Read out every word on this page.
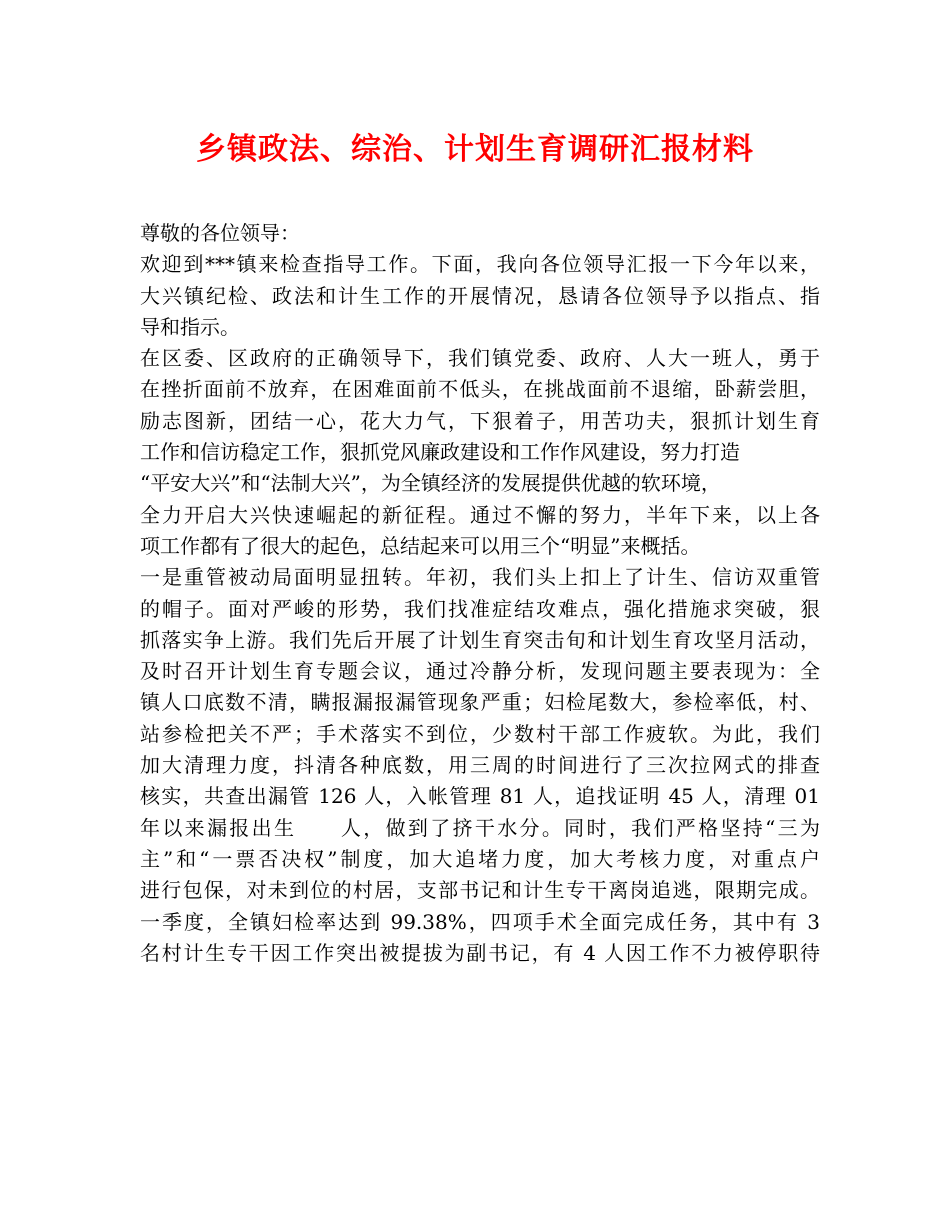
乡镇政法、综治、计划生育调研汇报材料
尊敬的各位领导：
欢迎到***镇来检查指导工作。下面，我向各位领导汇报一下今年以来，
大兴镇纪检、政法和计生工作的开展情况，恳请各位领导予以指点、指
导和指示。
在区委、区政府的正确领导下，我们镇党委、政府、人大一班人，勇于
在挫折面前不放弃，在困难面前不低头，在挑战面前不退缩，卧薪尝胆，
励志图新，团结一心，花大力气，下狠着子，用苦功夫，狠抓计划生育
工作和信访稳定工作，狠抓党风廉政建设和工作作风建设，努力打造
“平安大兴”和“法制大兴”，为全镇经济的发展提供优越的软环境，
全力开启大兴快速崛起的新征程。通过不懈的努力，半年下来，以上各
项工作都有了很大的起色，总结起来可以用三个“明显”来概括。
一是重管被动局面明显扭转。年初，我们头上扣上了计生、信访双重管
的帽子。面对严峻的形势，我们找准症结攻难点，强化措施求突破，狠
抓落实争上游。我们先后开展了计划生育突击旬和计划生育攻坚月活动，
及时召开计划生育专题会议，通过冷静分析，发现问题主要表现为：全
镇人口底数不清，瞒报漏报漏管现象严重；妇检尾数大，参检率低，村、
站参检把关不严；手术落实不到位，少数村干部工作疲软。为此，我们
加大清理力度，抖清各种底数，用三周的时间进行了三次拉网式的排查
核实，共查出漏管 126 人，入帐管理 81 人，追找证明 45 人，清理 01
年以来漏报出生　　人，做到了挤干水分。同时，我们严格坚持“三为
主”和“一票否决权”制度，加大追堵力度，加大考核力度，对重点户
进行包保，对未到位的村居，支部书记和计生专干离岗追逃，限期完成。
一季度，全镇妇检率达到 99.38%，四项手术全面完成任务，其中有 3
名村计生专干因工作突出被提拔为副书记，有 4 人因工作不力被停职待
